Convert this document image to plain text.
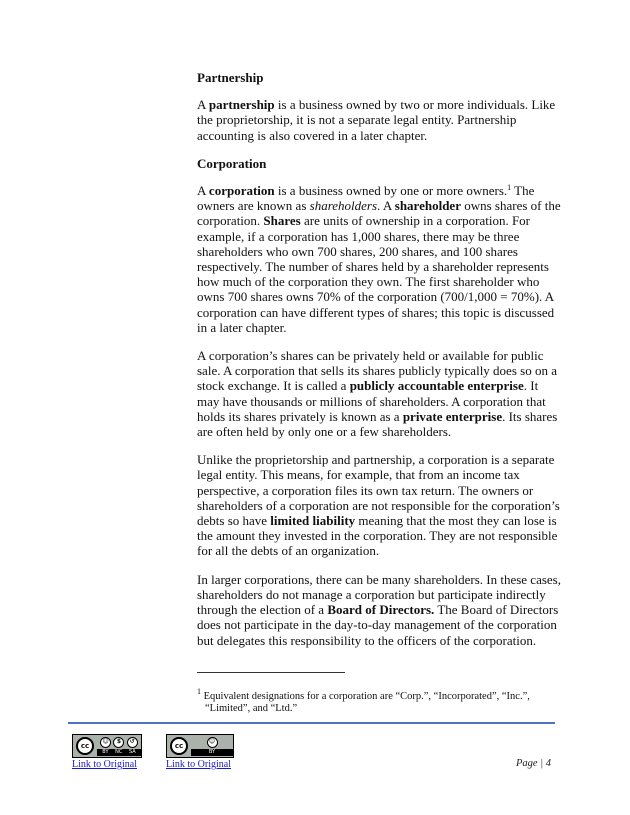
Partnership

A partnership is a business owned by two or more individuals. Like the proprietorship, it is not a separate legal entity. Partnership accounting is also covered in a later chapter.

Corporation

A corporation is a business owned by one or more owners.$^1$ The owners are known as shareholders. A shareholder owns shares of the corporation. Shares are units of ownership in a corporation. For example, if a corporation has 1,000 shares, there may be three shareholders who own 700 shares, 200 shares, and 100 shares respectively. The number of shares held by a shareholder represents how much of the corporation they own. The first shareholder who owns 700 shares owns 70% of the corporation (700/1,000 = 70%). A corporation can have different types of shares; this topic is discussed in a later chapter.

A corporation’s shares can be privately held or available for public sale. A corporation that sells its shares publicly typically does so on a stock exchange. It is called a publicly accountable enterprise. It may have thousands or millions of shareholders. A corporation that holds its shares privately is known as a private enterprise. Its shares are often held by only one or a few shareholders.

Unlike the proprietorship and partnership, a corporation is a separate legal entity. This means, for example, that from an income tax perspective, a corporation files its own tax return. The owners or shareholders of a corporation are not responsible for the corporation’s debts so have limited liability meaning that the most they can lose is the amount they invested in the corporation. They are not responsible for all the debts of an organization.

In larger corporations, there can be many shareholders. In these cases, shareholders do not manage a corporation but participate indirectly through the election of a Board of Directors. The Board of Directors does not participate in the day-to-day management of the corporation but delegates this responsibility to the officers of the corporation.

$^1$ Equivalent designations for a corporation are “Corp.”, “Incorporated”, “Inc.”, “Limited”, and “Ltd.”
cc	☺	$	↺
BY NC SA
Link to Original
cc	☺
BY
Link to Original	Page | 4
